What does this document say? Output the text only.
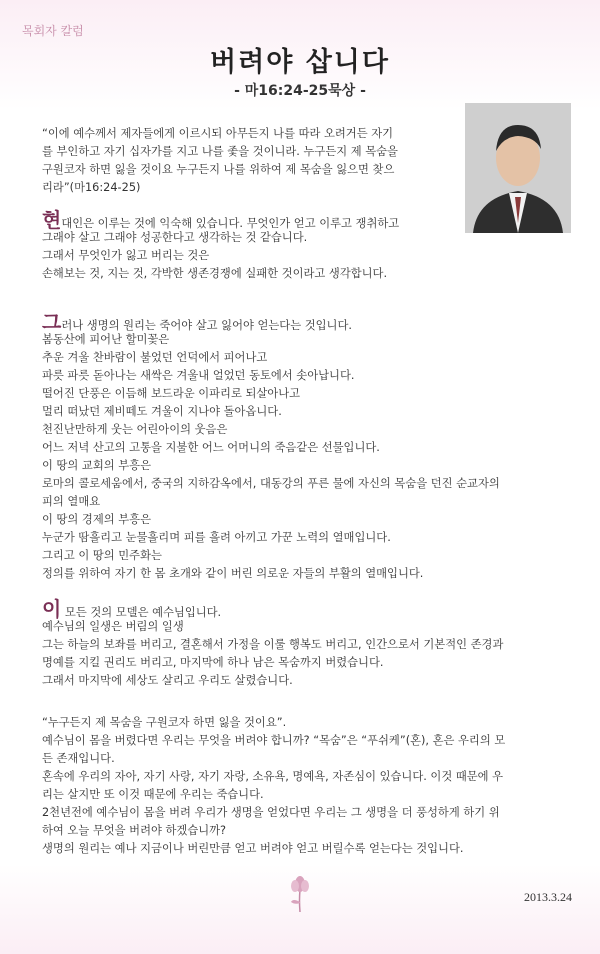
목회자 칼럼
버려야 삽니다
- 마16:24-25묵상 -
“이에 예수께서 제자들에게 이르시되 아무든지 나를 따라 오려거든 자기
를 부인하고 자기 십자가를 지고 나를 좇을 것이니라. 누구든지 제 목숨을
구원코자 하면 잃을 것이요 누구든지 나를 위하여 제 목숨을 잃으면 찾으
리라”(마16:24-25)
현대인은 이루는 것에 익숙해 있습니다. 무엇인가 얻고 이루고 쟁취하고
그래야 살고 그래야 성공한다고 생각하는 것 같습니다.
그래서 무엇인가 잃고 버리는 것은
손해보는 것, 지는 것, 각박한 생존경쟁에 실패한 것이라고 생각합니다.
그러나 생명의 원리는 죽어야 살고 잃어야 얻는다는 것입니다.
봄동산에 피어난 할미꽃은
추운 겨울 찬바람이 불었던 언덕에서 피어나고
파릇 파릇 돋아나는 새싹은 겨울내 얼었던 동토에서 솟아납니다.
떨어진 단풍은 이듬해 보드라운 이파리로 되살아나고
멀리 떠났던 제비떼도 겨울이 지나야 돌아옵니다.
천진난만하게 웃는 어린아이의 웃음은
어느 저녁 산고의 고통을 지불한 어느 어머니의 죽음같은 선물입니다.
이 땅의 교회의 부흥은
로마의 콜로세움에서, 중국의 지하감옥에서, 대동강의 푸른 물에 자신의 목숨을 던진 순교자의
피의 열매요
이 땅의 경제의 부흥은
누군가 땀흘리고 눈물흘리며 피를 흘려 아끼고 가꾼 노력의 열매입니다.
그리고 이 땅의 민주화는
정의를 위하여 자기 한 몸 초개와 같이 버린 의로운 자들의 부활의 열매입니다.
이 모든 것의 모델은 예수님입니다.
예수님의 일생은 버림의 일생
그는 하늘의 보좌를 버리고, 결혼해서 가정을 이룰 행복도 버리고, 인간으로서 기본적인 존경과
명예를 지킬 권리도 버리고, 마지막에 하나 남은 목숨까지 버렸습니다.
그래서 마지막에 세상도 살리고 우리도 살렸습니다.
“누구든지 제 목숨을 구원코자 하면 잃을 것이요”.
예수님이 몸을 버렸다면 우리는 무엇을 버려야 합니까? “목숨”은 “푸쉬케”(혼), 혼은 우리의 모
든 존재입니다.
혼속에 우리의 자아, 자기 사랑, 자기 자랑, 소유욕, 명예욕, 자존심이 있습니다. 이것 때문에 우
리는 살지만 또 이것 때문에 우리는 죽습니다.
2천년전에 예수님이 몸을 버려 우리가 생명을 얻었다면 우리는 그 생명을 더 풍성하게 하기 위
하여 오늘 무엇을 버려야 하겠습니까?
생명의 원리는 예나 지금이나 버린만큼 얻고 버려야 얻고 버릴수록 얻는다는 것입니다.
2013.3.24
